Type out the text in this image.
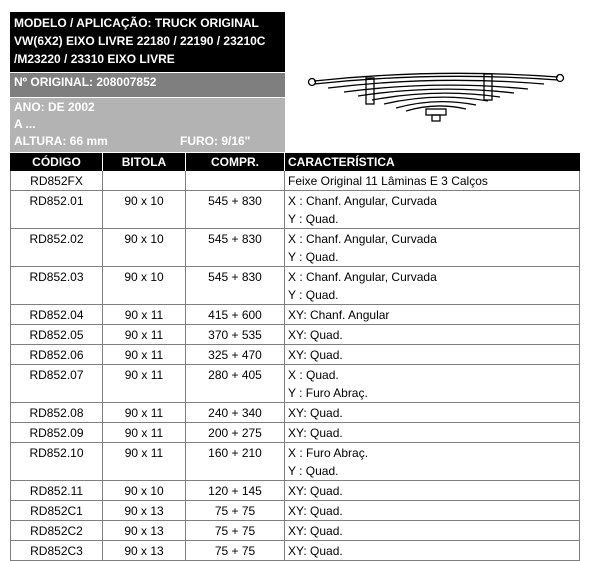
MODELO / APLICAÇÃO: TRUCK ORIGINAL
VW(6X2) EIXO LIVRE 22180 / 22190 / 23210C
/M23220 / 23310 EIXO LIVRE
Nº ORIGINAL: 208007852
ANO: DE 2002
A ...
ALTURA: 66 mm	FURO: 9/16"
CÓDIGO	BITOLA	COMPR.	CARACTERÍSTICA
RD852FX			Feixe Original 11 Lâminas E 3 Calços

RD852.01	90 x 10	545 + 830	X : Chanf. Angular, Curvada
Y : Quad.

RD852.02	90 x 10	545 + 830	X : Chanf. Angular, Curvada
Y : Quad.

RD852.03	90 x 10	545 + 830	X : Chanf. Angular, Curvada
Y : Quad.

RD852.04	90 x 11	415 + 600	XY: Chanf. Angular

RD852.05	90 x 11	370 + 535	XY: Quad.

RD852.06	90 x 11	325 + 470	XY: Quad.

RD852.07	90 x 11	280 + 405	X : Quad.
Y : Furo Abraç.

RD852.08	90 x 11	240 + 340	XY: Quad.

RD852.09	90 x 11	200 + 275	XY: Quad.

RD852.10	90 x 11	160 + 210	X : Furo Abraç.
Y : Quad.

RD852.11	90 x 10	120 + 145	XY: Quad.

RD852C1	90 x 13	75 + 75	XY: Quad.

RD852C2	90 x 13	75 + 75	XY: Quad.

RD852C3	90 x 13	75 + 75	XY: Quad.
